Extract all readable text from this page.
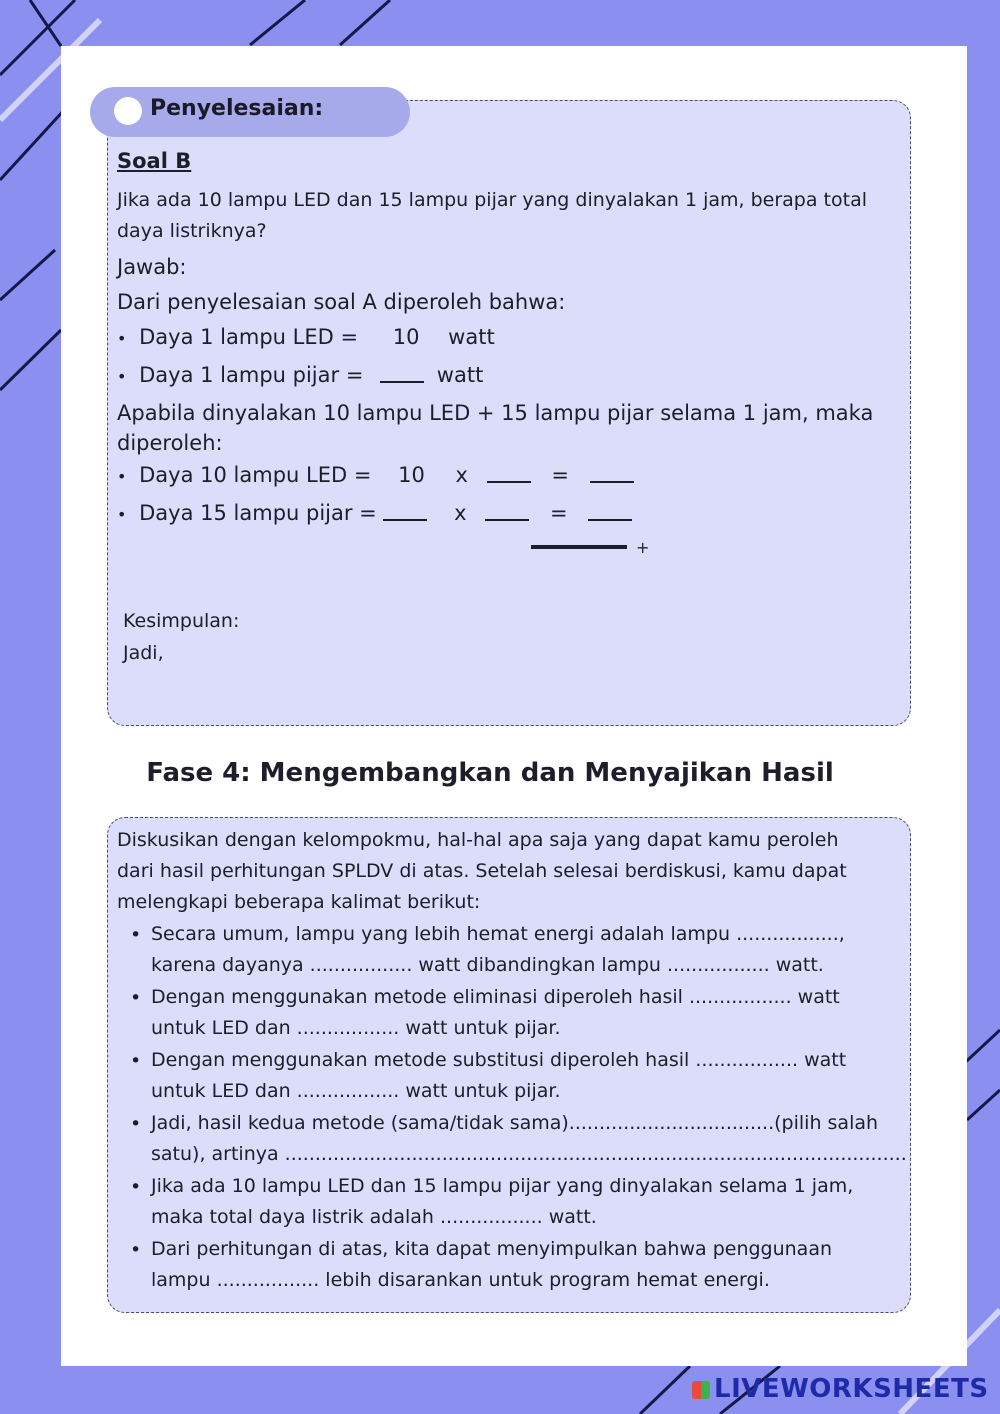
Penyelesaian:
Soal B
Jika ada 10 lampu LED dan 15 lampu pijar yang dinyalakan 1 jam, berapa total
daya listriknya?
Jawab:
Dari penyelesaian soal A diperoleh bahwa:
• Daya 1 lampu LED = 10 watt
• Daya 1 lampu pijar =	watt
Apabila dinyalakan 10 lampu LED + 15 lampu pijar selama 1 jam, maka
diperoleh:
• Daya 10 lampu LED = 10 x	=
• Daya 15 lampu pijar =	x	=
+
Kesimpulan:
Jadi,
Fase 4: Mengembangkan dan Menyajikan Hasil
Diskusikan dengan kelompokmu, hal-hal apa saja yang dapat kamu peroleh
dari hasil perhitungan SPLDV di atas. Setelah selesai berdiskusi, kamu dapat
melengkapi beberapa kalimat berikut:
• Secara umum, lampu yang lebih hemat energi adalah lampu .................,
karena dayanya ................. watt dibandingkan lampu ................. watt.
• Dengan menggunakan metode eliminasi diperoleh hasil ................. watt
untuk LED dan ................. watt untuk pijar.
• Dengan menggunakan metode substitusi diperoleh hasil ................. watt
untuk LED dan ................. watt untuk pijar.
• Jadi, hasil kedua metode (sama/tidak sama)..................................(pilih salah
satu), artinya .......................................................................................................
• Jika ada 10 lampu LED dan 15 lampu pijar yang dinyalakan selama 1 jam,
maka total daya listrik adalah ................. watt.
• Dari perhitungan di atas, kita dapat menyimpulkan bahwa penggunaan
lampu ................. lebih disarankan untuk program hemat energi.
LIVEWORKSHEETS
